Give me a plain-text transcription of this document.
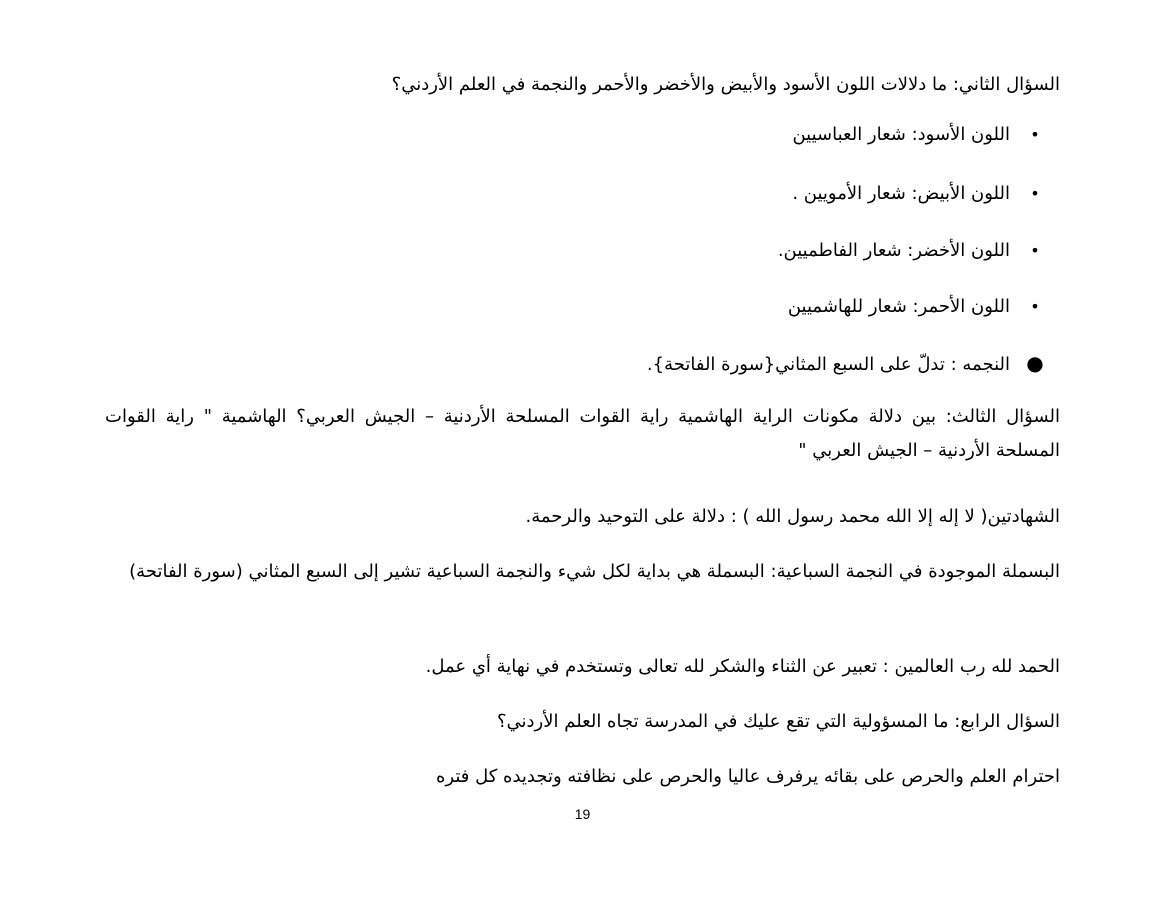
السؤال الثاني: ما دلالات اللون الأسود والأبيض والأخضر والأحمر والنجمة في العلم الأردني؟
•اللون الأسود: شعار العباسيين
•اللون الأبيض: شعار الأمويين .
•اللون الأخضر: شعار الفاطميين.
•اللون الأحمر: شعار للهاشميين
●النجمه : تدلّ على السبع المثاني{سورة الفاتحة}.
السؤال الثالث: بين دلالة مكونات الراية الهاشمية راية القوات المسلحة الأردنية – الجيش العربي؟ الهاشمية " راية القوات المسلحة الأردنية – الجيش العربي "
الشهادتين( لا إله إلا الله محمد رسول الله ) : دلالة على التوحيد والرحمة.
البسملة الموجودة في النجمة السباعية: البسملة هي بداية لكل شيء والنجمة السباعية تشير إلى السبع المثاني (سورة الفاتحة)
الحمد لله رب العالمين : تعبير عن الثناء والشكر لله تعالى وتستخدم في نهاية أي عمل.
السؤال الرابع: ما المسؤولية التي تقع عليك في المدرسة تجاه العلم الأردني؟
احترام العلم والحرص على بقائه يرفرف عاليا والحرص على نظافته وتجديده كل فتره
19
